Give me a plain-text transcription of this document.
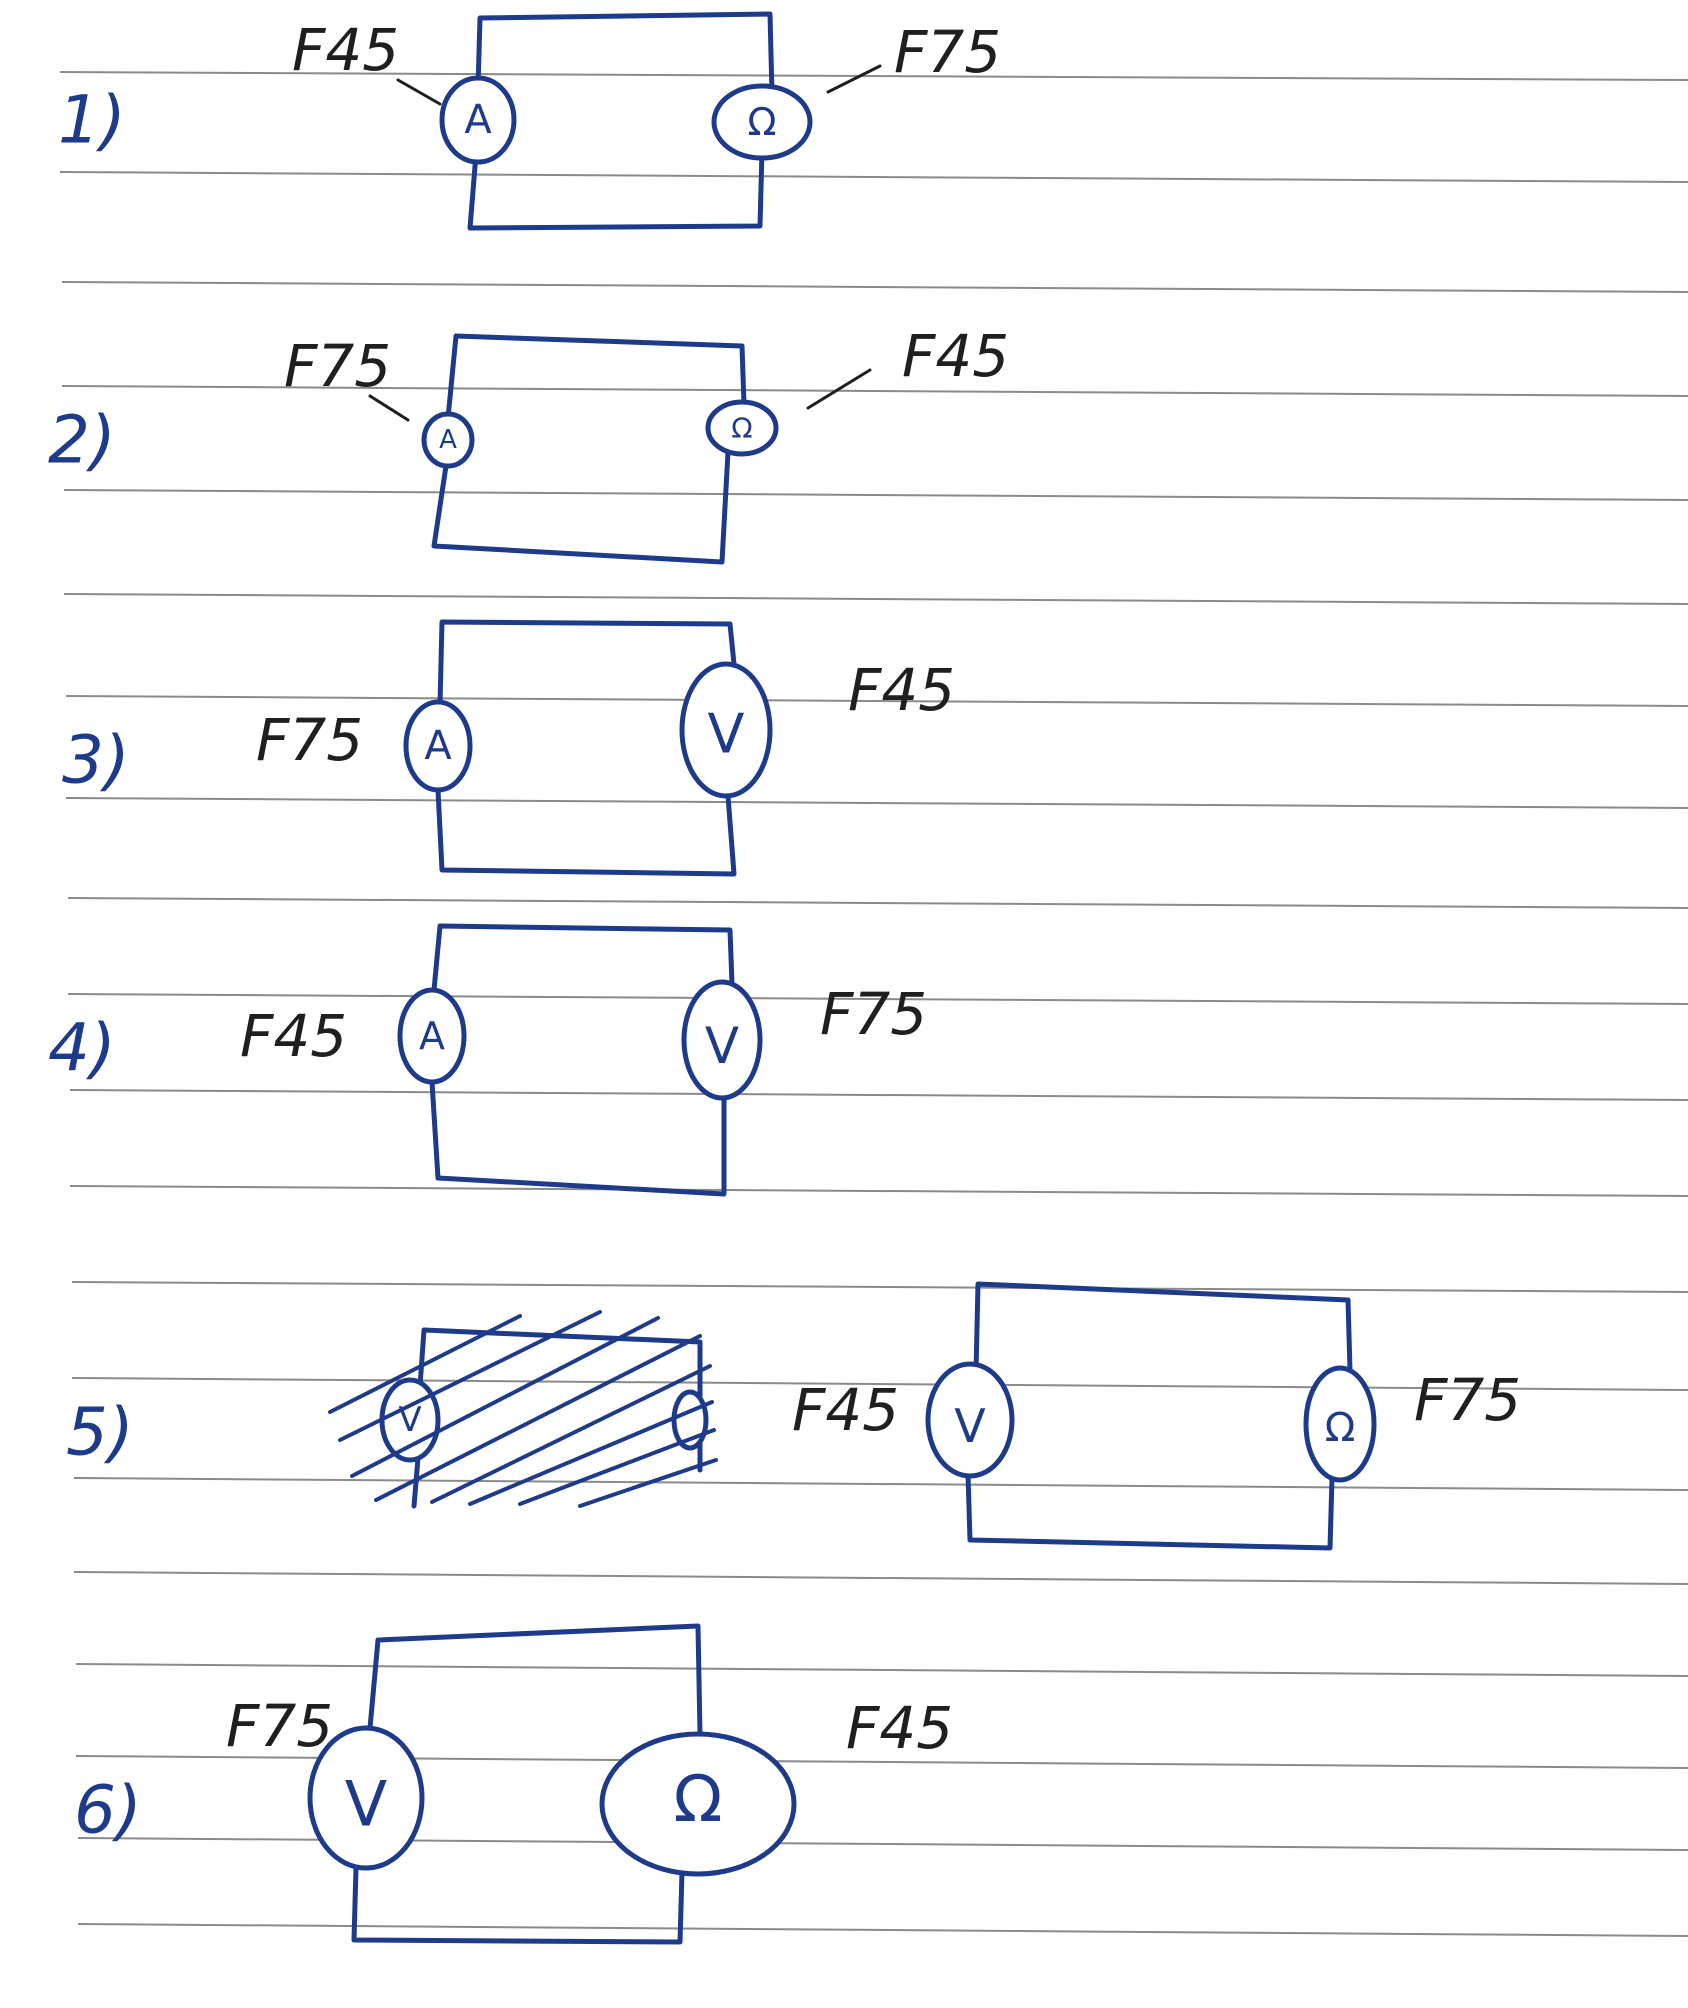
1)	A	Ω
F45	F75
2)	A	Ω
F75	F45
3)	A	V
F75
F45
4)	A	V
F45	F75
5)	V	V	Ω
F45	F75
6)	V	Ω
F75	F45
